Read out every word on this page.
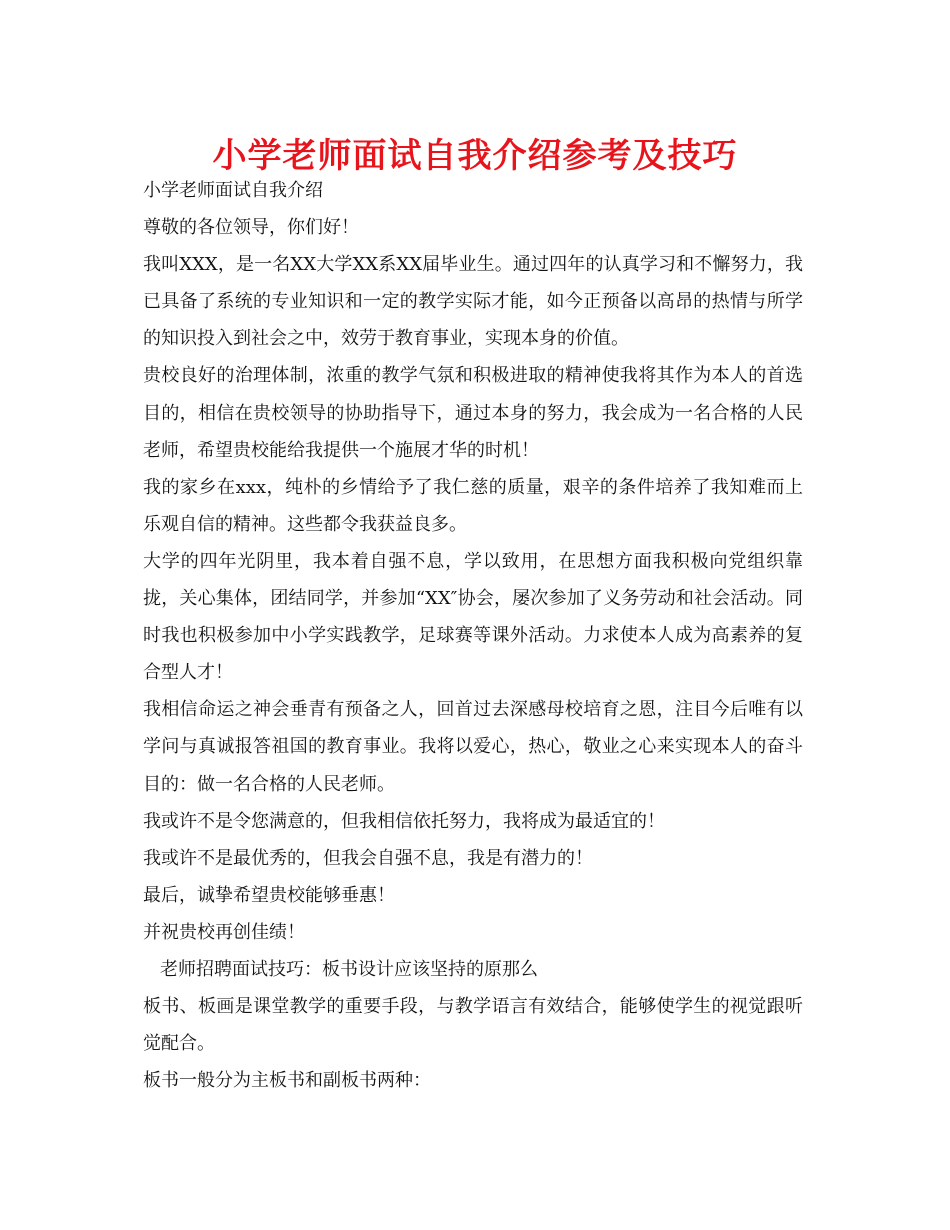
小学老师面试自我介绍参考及技巧

小学老师面试自我介绍

尊敬的各位领导，你们好！

我叫XXX，是一名XX大学XX系XX届毕业生。通过四年的认真学习和不懈努力，我已具备了系统的专业知识和一定的教学实际才能，如今正预备以高昂的热情与所学的知识投入到社会之中，效劳于教育事业，实现本身的价值。

贵校良好的治理体制，浓重的教学气氛和积极进取的精神使我将其作为本人的首选目的，相信在贵校领导的协助指导下，通过本身的努力，我会成为一名合格的人民老师，希望贵校能给我提供一个施展才华的时机！

我的家乡在xxx，纯朴的乡情给予了我仁慈的质量，艰辛的条件培养了我知难而上乐观自信的精神。这些都令我获益良多。

大学的四年光阴里，我本着自强不息，学以致用，在思想方面我积极向党组织靠拢，关心集体，团结同学，并参加“XX″协会，屡次参加了义务劳动和社会活动。同时我也积极参加中小学实践教学，足球赛等课外活动。力求使本人成为高素养的复合型人才！

我相信命运之神会垂青有预备之人，回首过去深感母校培育之恩，注目今后唯有以学问与真诚报答祖国的教育事业。我将以爱心，热心，敬业之心来实现本人的奋斗目的：做一名合格的人民老师。

我或许不是令您满意的，但我相信依托努力，我将成为最适宜的！

我或许不是最优秀的，但我会自强不息，我是有潜力的！

最后，诚挚希望贵校能够垂惠！

并祝贵校再创佳绩！

老师招聘面试技巧：板书设计应该坚持的原那么

板书、板画是课堂教学的重要手段，与教学语言有效结合，能够使学生的视觉跟听觉配合。

板书一般分为主板书和副板书两种：
